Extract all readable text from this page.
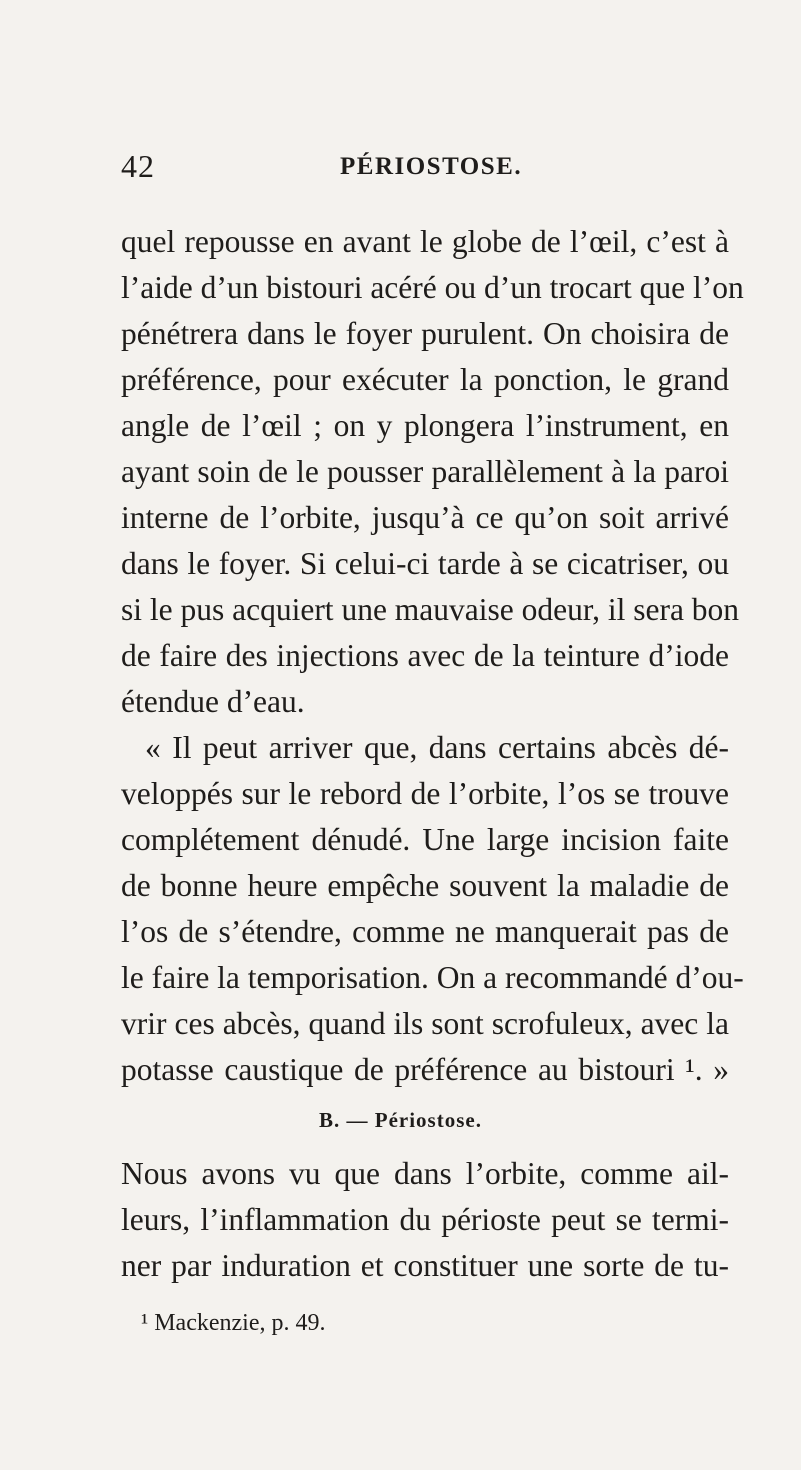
42	PÉRIOSTOSE.
quel repousse en avant le globe de l’œil, c’est à
l’aide d’un bistouri acéré ou d’un trocart que l’on
pénétrera dans le foyer purulent. On choisira de
préférence, pour exécuter la ponction, le grand
angle de l’œil ; on y plongera l’instrument, en
ayant soin de le pousser parallèlement à la paroi
interne de l’orbite, jusqu’à ce qu’on soit arrivé
dans le foyer. Si celui-ci tarde à se cicatriser, ou
si le pus acquiert une mauvaise odeur, il sera bon
de faire des injections avec de la teinture d’iode
étendue d’eau.
« Il peut arriver que, dans certains abcès dé-
veloppés sur le rebord de l’orbite, l’os se trouve
complétement dénudé. Une large incision faite
de bonne heure empêche souvent la maladie de
l’os de s’étendre, comme ne manquerait pas de
le faire la temporisation. On a recommandé d’ou-
vrir ces abcès, quand ils sont scrofuleux, avec la
potasse caustique de préférence au bistouri ¹. »
B. — Périostose.
Nous avons vu que dans l’orbite, comme ail-
leurs, l’inflammation du périoste peut se termi-
ner par induration et constituer une sorte de tu-
¹ Mackenzie, p. 49.
